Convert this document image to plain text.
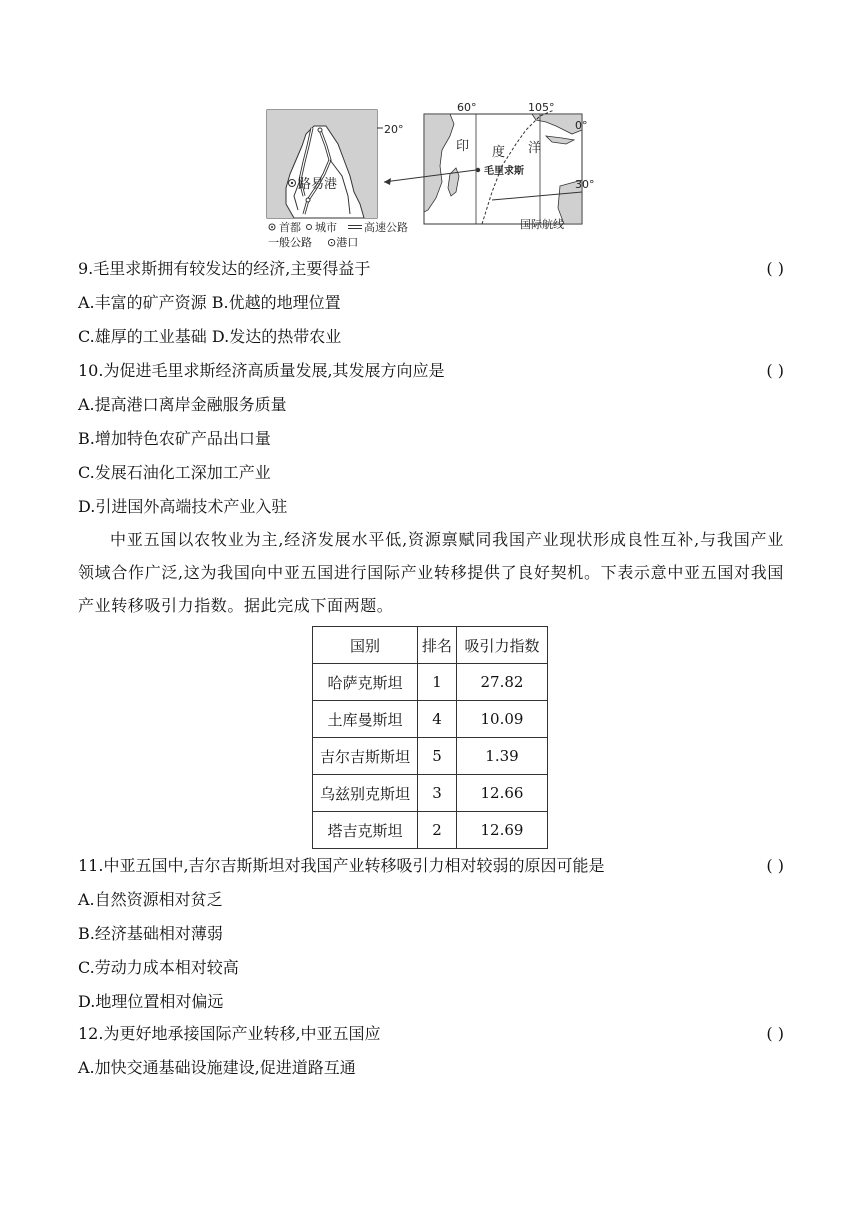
路易港
20°
首都 城市 高速公路
印 度 洋
毛里求斯
60°	105°
0°
30°
国际航线
一般公路 ⊙港口
9.毛里求斯拥有较发达的经济,主要得益于	( )
A.丰富的矿产资源 B.优越的地理位置
C.雄厚的工业基础 D.发达的热带农业
10.为促进毛里求斯经济高质量发展,其发展方向应是	( )
A.提高港口离岸金融服务质量
B.增加特色农矿产品出口量
C.发展石油化工深加工产业
D.引进国外高端技术产业入驻
中亚五国以农牧业为主,经济发展水平低,资源禀赋同我国产业现状形成良性互补,与我国产业领域合作广泛,这为我国向中亚五国进行国际产业转移提供了良好契机。下表示意中亚五国对我国产业转移吸引力指数。据此完成下面两题。
国别	排名	吸引力指数
哈萨克斯坦	1	27.82
土库曼斯坦	4	10.09
吉尔吉斯斯坦	5	1.39
乌兹别克斯坦	3	12.66
塔吉克斯坦	2	12.69
11.中亚五国中,吉尔吉斯斯坦对我国产业转移吸引力相对较弱的原因可能是	( )
A.自然资源相对贫乏
B.经济基础相对薄弱
C.劳动力成本相对较高
D.地理位置相对偏远
12.为更好地承接国际产业转移,中亚五国应	( )
A.加快交通基础设施建设,促进道路互通
